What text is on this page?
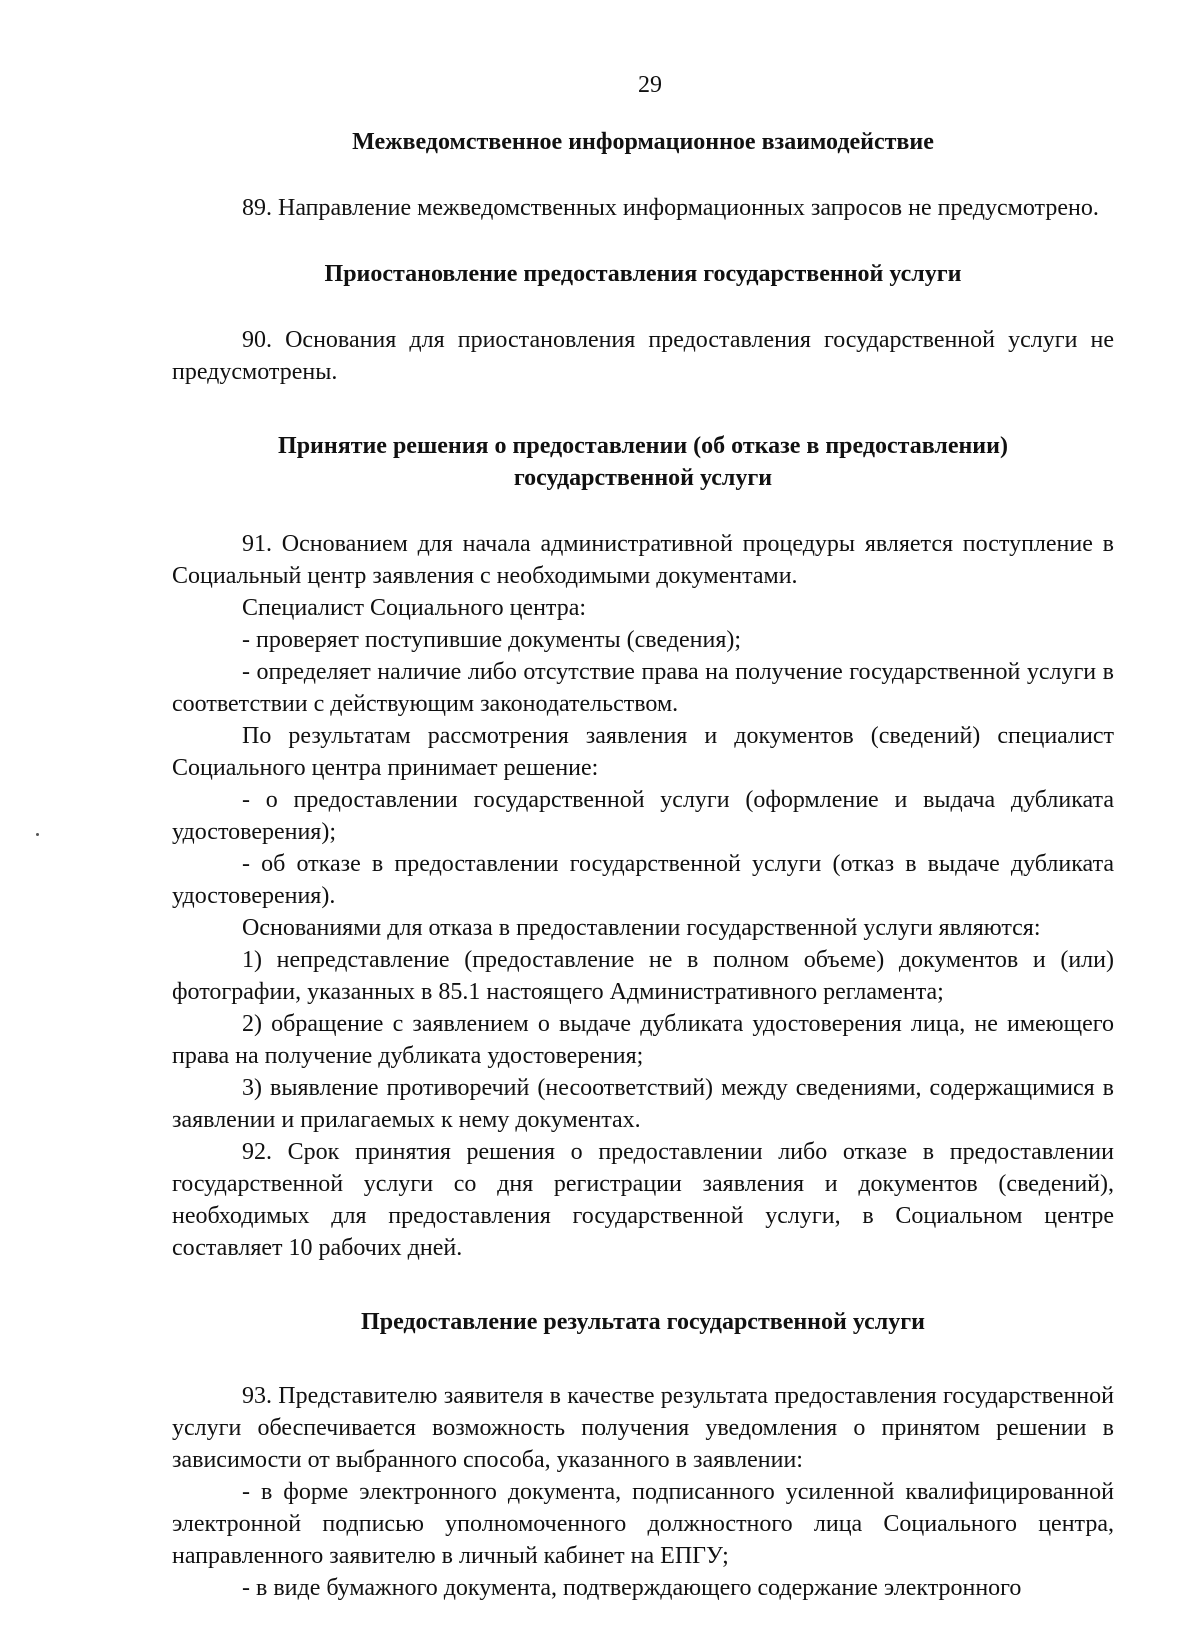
29
Межведомственное информационное взаимодействие

89. Направление межведомственных информационных запросов не предусмотрено.

Приостановление предоставления государственной услуги

90. Основания для приостановления предоставления государственной услуги не предусмотрены.

Принятие решения о предоставлении (об отказе в предоставлении)
государственной услуги

91. Основанием для начала административной процедуры является поступление в Социальный центр заявления с необходимыми документами.

Специалист Социального центра:

- проверяет поступившие документы (сведения);

- определяет наличие либо отсутствие права на получение государственной услуги в соответствии с действующим законодательством.

По результатам рассмотрения заявления и документов (сведений) специалист Социального центра принимает решение:

- о предоставлении государственной услуги (оформление и выдача дубликата удостоверения);

- об отказе в предоставлении государственной услуги (отказ в выдаче дубликата удостоверения).

Основаниями для отказа в предоставлении государственной услуги являются:

1) непредставление (предоставление не в полном объеме) документов и (или) фотографии, указанных в 85.1 настоящего Административного регламента;

2) обращение с заявлением о выдаче дубликата удостоверения лица, не имеющего права на получение дубликата удостоверения;

3) выявление противоречий (несоответствий) между сведениями, содержащимися в заявлении и прилагаемых к нему документах.

92. Срок принятия решения о предоставлении либо отказе в предоставлении государственной услуги со дня регистрации заявления и документов (сведений), необходимых для предоставления государственной услуги, в Социальном центре составляет 10 рабочих дней.

Предоставление результата государственной услуги

93. Представителю заявителя в качестве результата предоставления государственной услуги обеспечивается возможность получения уведомления о принятом решении в зависимости от выбранного способа, указанного в заявлении:

- в форме электронного документа, подписанного усиленной квалифицированной электронной подписью уполномоченного должностного лица Социального центра, направленного заявителю в личный кабинет на ЕПГУ;

- в виде бумажного документа, подтверждающего содержание электронного
